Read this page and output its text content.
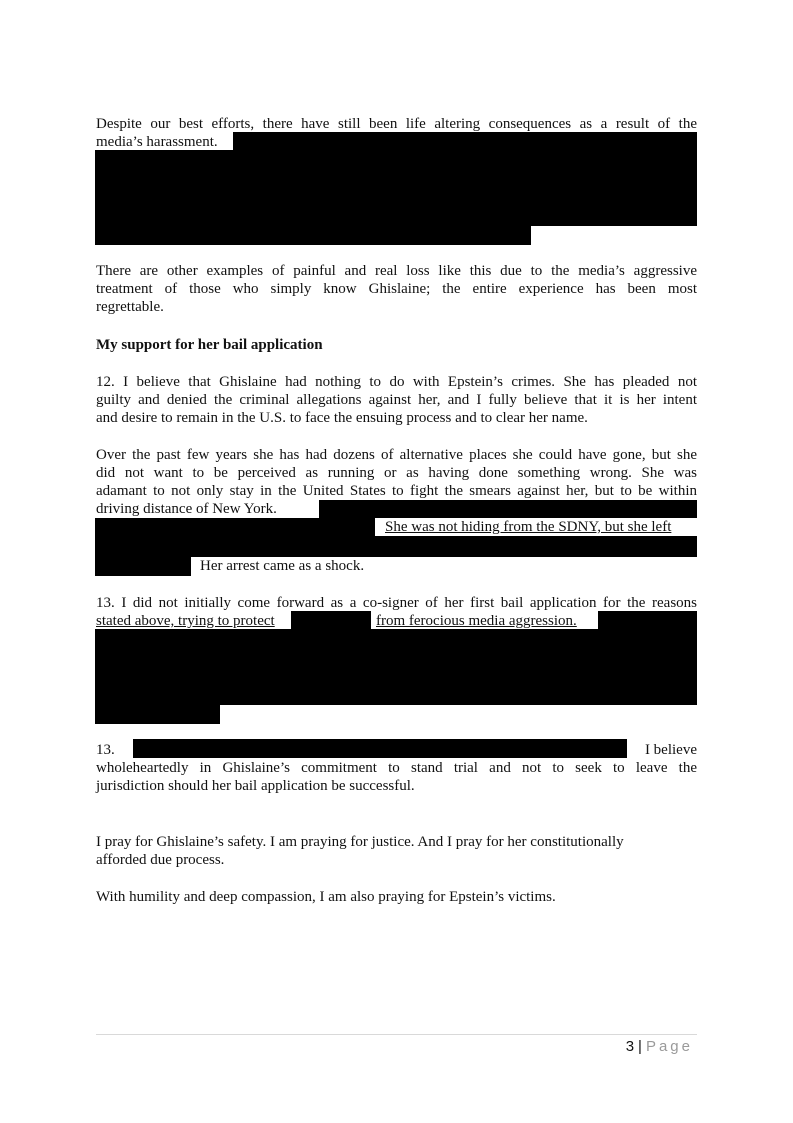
Despite our best efforts, there have still been life altering consequences as a result of the
media’s harassment.
There are other examples of painful and real loss like this due to the media’s aggressive
treatment of those who simply know Ghislaine; the entire experience has been most
regrettable.
My support for her bail application
12. I believe that Ghislaine had nothing to do with Epstein’s crimes. She has pleaded not
guilty and denied the criminal allegations against her, and I fully believe that it is her intent
and desire to remain in the U.S. to face the ensuing process and to clear her name.
Over the past few years she has had dozens of alternative places she could have gone, but she
did not want to be perceived as running or as having done something wrong. She was
adamant to not only stay in the United States to fight the smears against her, but to be within
driving distance of New York.
She was not hiding from the SDNY, but she left
Her arrest came as a shock.
13. I did not initially come forward as a co-signer of her first bail application for the reasons
stated above, trying to protect	from ferocious media aggression.
13.	I believe
wholeheartedly in Ghislaine’s commitment to stand trial and not to seek to leave the
jurisdiction should her bail application be successful.
I pray for Ghislaine’s safety. I am praying for justice. And I pray for her constitutionally
afforded due process.
With humility and deep compassion, I am also praying for Epstein’s victims.
3 | Page
